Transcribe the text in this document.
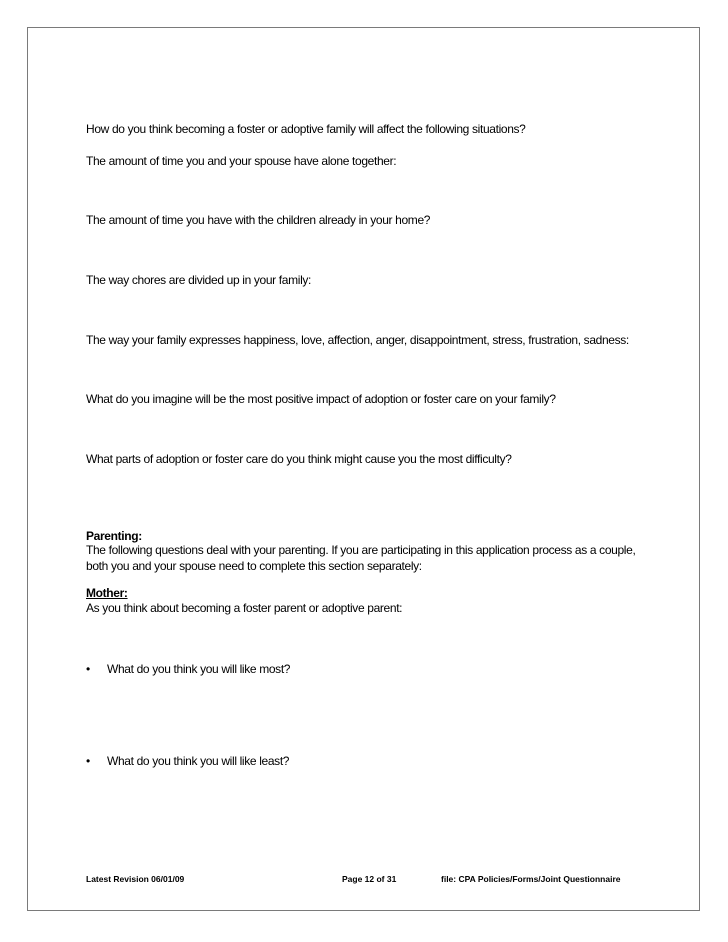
How do you think becoming a foster or adoptive family will affect the following situations?
The amount of time you and your spouse have alone together:
The amount of time you have with the children already in your home?
The way chores are divided up in your family:
The way your family expresses happiness, love, affection, anger, disappointment, stress, frustration, sadness:
What do you imagine will be the most positive impact of adoption or foster care on your family?
What parts of adoption or foster care do you think might cause you the most difficulty?
Parenting:
The following questions deal with your parenting. If you are participating in this application process as a couple, both you and your spouse need to complete this section separately:
Mother:
As you think about becoming a foster parent or adoptive parent:
• What do you think you will like most?
• What do you think you will like least?
Latest Revision 06/01/09	Page 12 of 31	file: CPA Policies/Forms/Joint Questionnaire
